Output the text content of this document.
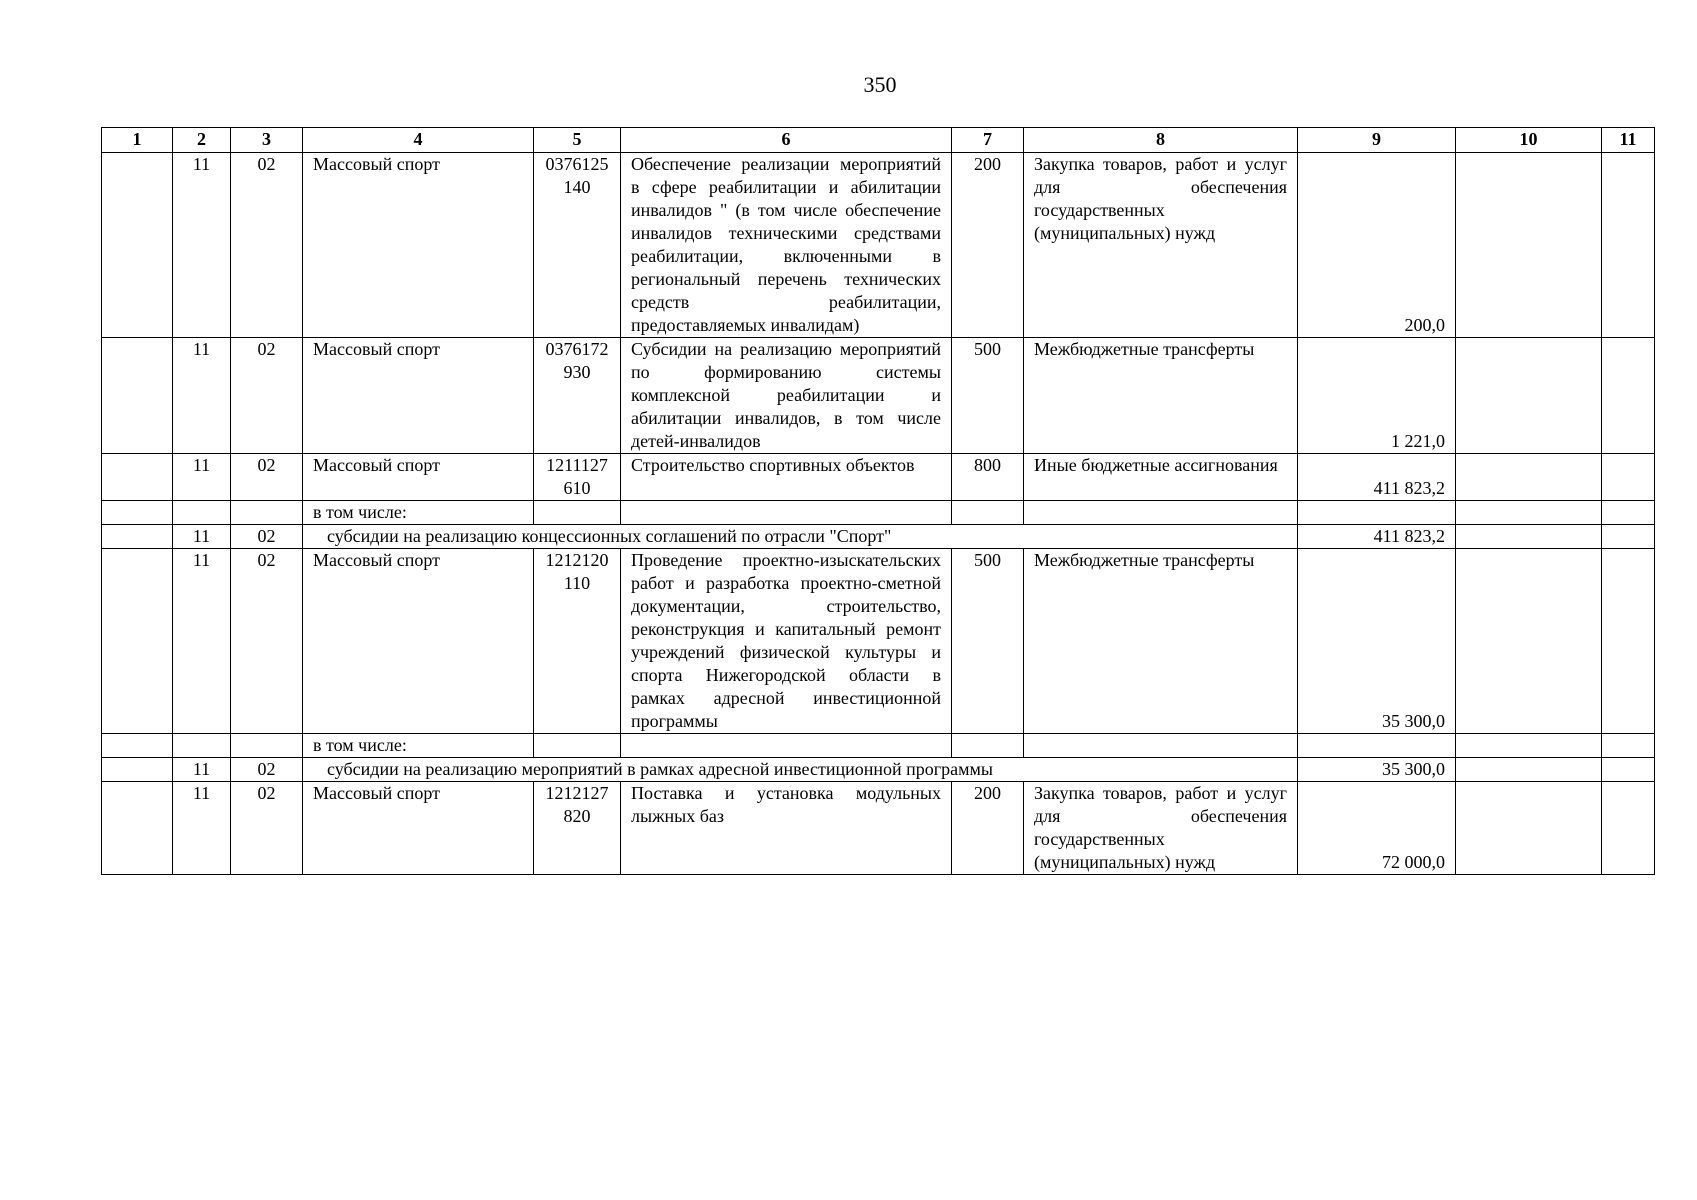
350
1	2	3	4	5	6	7	8	9	10	11
	11	02	Массовый спорт	0376125140	Обеспечение реализации мероприятий в сфере реабилитации и абилитации инвалидов " (в том числе обеспечение инвалидов техническими средствами реабилитации, включенными в региональный перечень технических средств реабилитации, предоставляемых инвалидам)	200	Закупка товаров, работ и услуг для обеспечения государственных (муниципальных) нужд	200,0		
	11	02	Массовый спорт	0376172930	Субсидии на реализацию мероприятий по формированию системы комплексной реабилитации и абилитации инвалидов, в том числе детей-инвалидов	500	Межбюджетные трансферты	1 221,0		
	11	02	Массовый спорт	1211127610	Строительство спортивных объектов	800	Иные бюджетные ассигнования	411 823,2		
			в том числе:							
	11	02	субсидии на реализацию концессионных соглашений по отрасли "Спорт"					411 823,2		
	11	02	Массовый спорт	1212120110	Проведение проектно-изыскательских работ и разработка проектно-сметной документации, строительство, реконструкция и капитальный ремонт учреждений физической культуры и спорта Нижегородской области в рамках адресной инвестиционной программы	500	Межбюджетные трансферты	35 300,0		
			в том числе:							
	11	02	субсидии на реализацию мероприятий в рамках адресной инвестиционной программы					35 300,0		
	11	02	Массовый спорт	1212127820	Поставка и установка модульных лыжных баз	200	Закупка товаров, работ и услуг для обеспечения государственных (муниципальных) нужд	72 000,0		
